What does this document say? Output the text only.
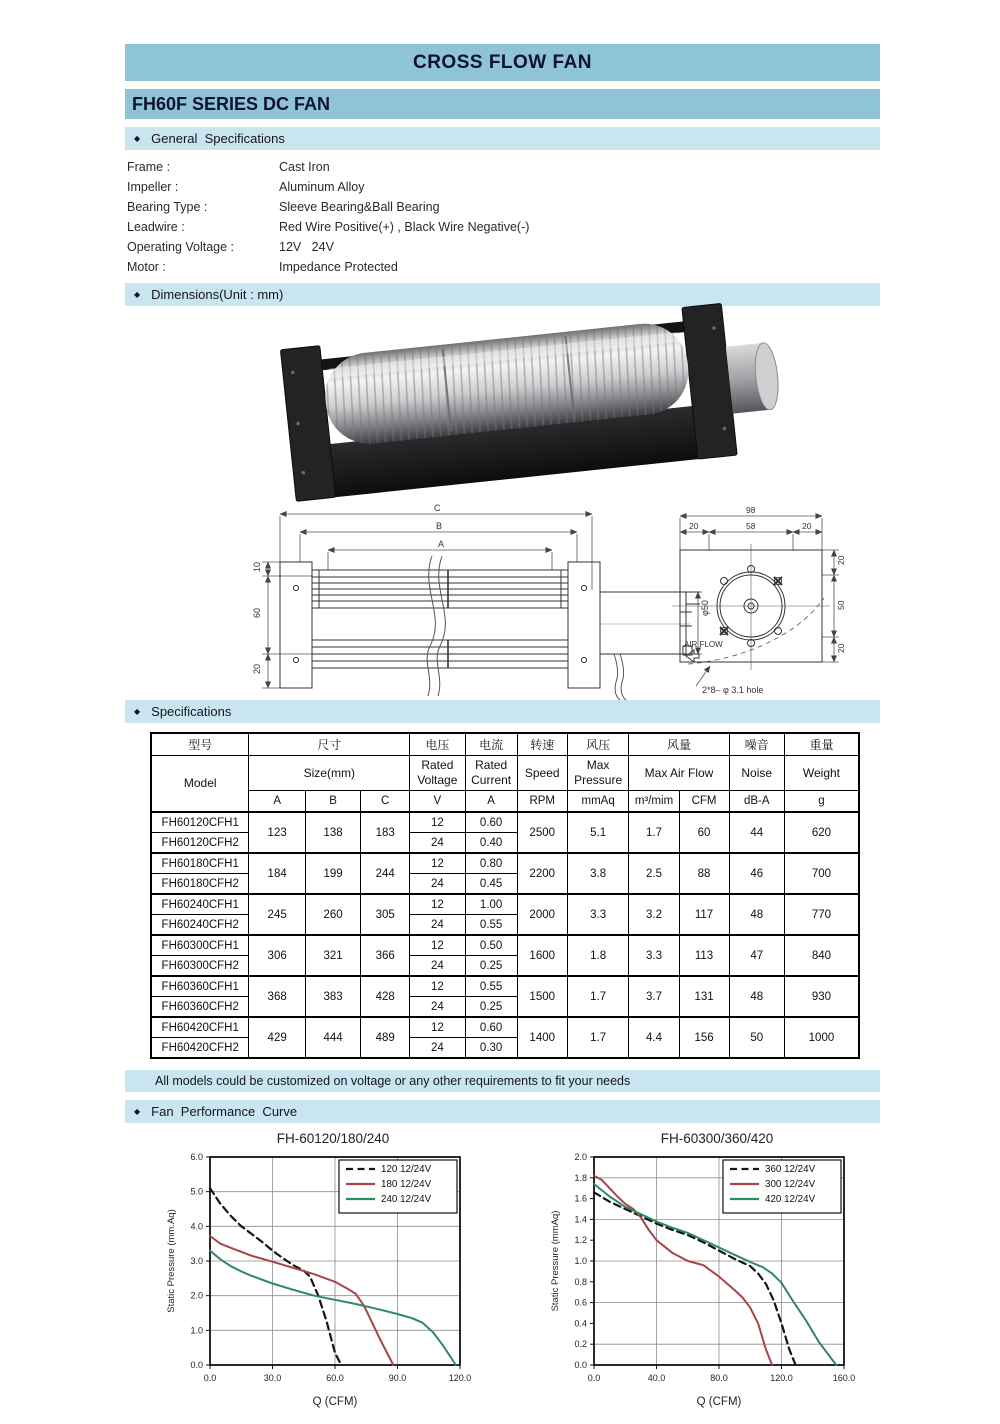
CROSS FLOW FAN
FH60F SERIES DC FAN
◆ General  Specifications
Frame :	Cast Iron
Impeller :	Aluminum Alloy
Bearing Type :	Sleeve Bearing&Ball Bearing
Leadwire :	Red Wire Positive(+) , Black Wire Negative(-)
Operating Voltage :	12V   24V
Motor :	Impedance Protected
◆ Dimensions(Unit : mm)
C
B
A
10
60
20
φ50
98
20	58	20
20
50
20
AIR FLOW
2*8– φ 3.1 hole
◆ Specifications
型号	尺寸			电压	电流	转速	风压	风量		噪音	重量
Model	Size(mm)			Rated Voltage	Rated Current	Speed	Max Pressure	Max Air Flow		Noise	Weight
	A	B	C	V	A	RPM	mmAq	m³/mim	CFM	dB-A	g
FH60120CFH1	123	138	183	12	0.60	2500	5.1	1.7	60	44	620
FH60120CFH2				24	0.40						
FH60180CFH1	184	199	244	12	0.80	2200	3.8	2.5	88	46	700
FH60180CFH2				24	0.45						
FH60240CFH1	245	260	305	12	1.00	2000	3.3	3.2	117	48	770
FH60240CFH2				24	0.55						
FH60300CFH1	306	321	366	12	0.50	1600	1.8	3.3	113	47	840
FH60300CFH2				24	0.25						
FH60360CFH1	368	383	428	12	0.55	1500	1.7	3.7	131	48	930
FH60360CFH2				24	0.25						
FH60420CFH1	429	444	489	12	0.60	1400	1.7	4.4	156	50	1000
FH60420CFH2				24	0.30						
All models could be customized on voltage or any other requirements to fit your needs
◆ Fan  Performance  Curve
FH-60120/180/240
0.0	30.0	60.0	90.0	120.0
0.0
1.0
2.0
3.0
4.0
5.0
6.0
Q (CFM)
Static Pressure (mm.Aq)
120 12/24V
180 12/24V
240 12/24V
FH-60300/360/420
0.0	40.0	80.0	120.0	160.0
0.0
0.2
0.4
0.6
0.8
1.0
1.2
1.4
1.6
1.8
2.0
Q (CFM)
Static Pressure (mmAq)
360 12/24V
300 12/24V
420 12/24V
